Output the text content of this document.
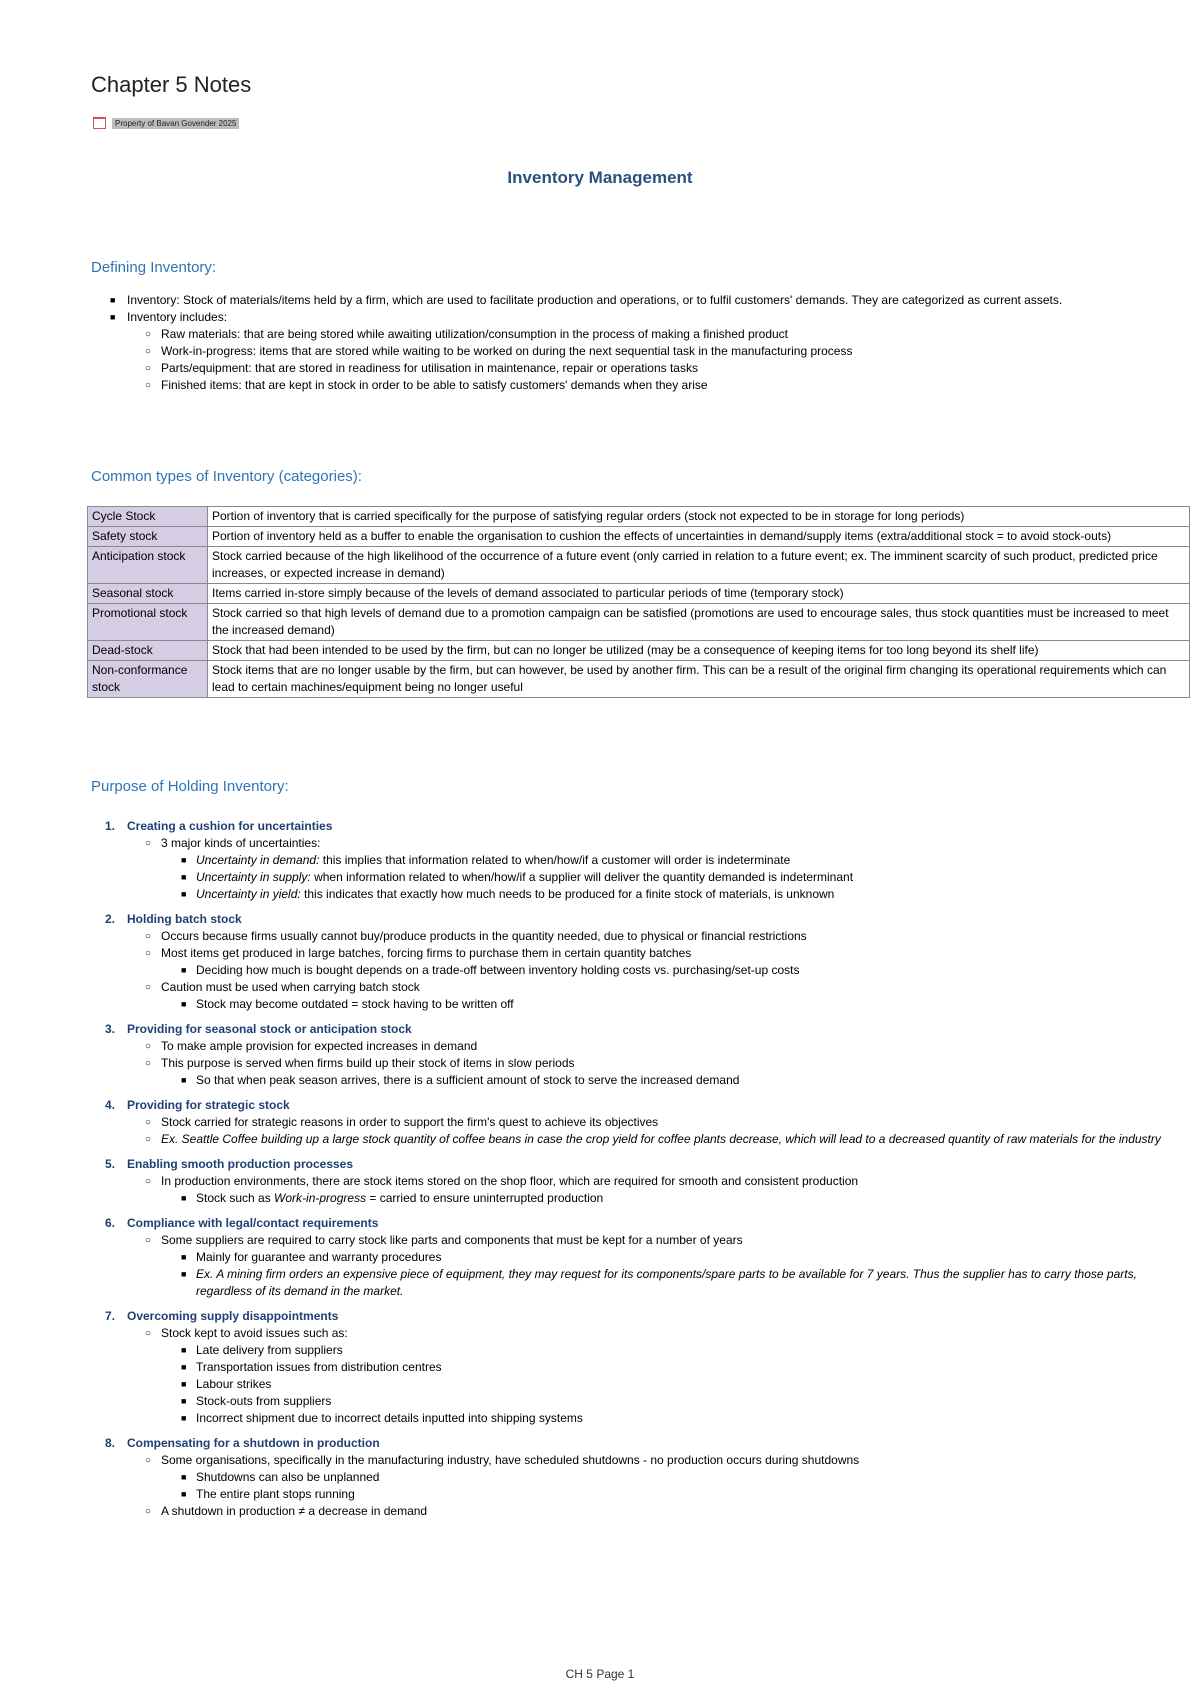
Chapter 5 Notes
Property of Bavan Govender 2025
Inventory Management
Defining Inventory:
■ Inventory: Stock of materials/items held by a firm, which are used to facilitate production and operations, or to fulfil customers' demands. They are categorized as current assets.
■ Inventory includes:
○ Raw materials: that are being stored while awaiting utilization/consumption in the process of making a finished product
○ Work-in-progress: items that are stored while waiting to be worked on during the next sequential task in the manufacturing process
○ Parts/equipment: that are stored in readiness for utilisation in maintenance, repair or operations tasks
○ Finished items: that are kept in stock in order to be able to satisfy customers' demands when they arise
Common types of Inventory (categories):
Cycle Stock	Portion of inventory that is carried specifically for the purpose of satisfying regular orders (stock not expected to be in storage for long periods)
Safety stock	Portion of inventory held as a buffer to enable the organisation to cushion the effects of uncertainties in demand/supply items (extra/additional stock = to avoid stock-outs)
Anticipation stock	Stock carried because of the high likelihood of the occurrence of a future event (only carried in relation to a future event; ex. The imminent scarcity of such product, predicted price increases, or expected increase in demand)
Seasonal stock	Items carried in-store simply because of the levels of demand associated to particular periods of time (temporary stock)
Promotional stock	Stock carried so that high levels of demand due to a promotion campaign can be satisfied (promotions are used to encourage sales, thus stock quantities must be increased to meet the increased demand)
Dead-stock	Stock that had been intended to be used by the firm, but can no longer be utilized (may be a consequence of keeping items for too long beyond its shelf life)
Non-conformance stock	Stock items that are no longer usable by the firm, but can however, be used by another firm. This can be a result of the original firm changing its operational requirements which can lead to certain machines/equipment being no longer useful
Purpose of Holding Inventory:
1. Creating a cushion for uncertainties
○ 3 major kinds of uncertainties:
■ Uncertainty in demand: this implies that information related to when/how/if a customer will order is indeterminate
■ Uncertainty in supply: when information related to when/how/if a supplier will deliver the quantity demanded is indeterminant
■ Uncertainty in yield: this indicates that exactly how much needs to be produced for a finite stock of materials, is unknown
2. Holding batch stock
○ Occurs because firms usually cannot buy/produce products in the quantity needed, due to physical or financial restrictions
○ Most items get produced in large batches, forcing firms to purchase them in certain quantity batches
■ Deciding how much is bought depends on a trade-off between inventory holding costs vs. purchasing/set-up costs
○ Caution must be used when carrying batch stock
■ Stock may become outdated = stock having to be written off
3. Providing for seasonal stock or anticipation stock
○ To make ample provision for expected increases in demand
○ This purpose is served when firms build up their stock of items in slow periods
■ So that when peak season arrives, there is a sufficient amount of stock to serve the increased demand
4. Providing for strategic stock
○ Stock carried for strategic reasons in order to support the firm's quest to achieve its objectives
○ Ex. Seattle Coffee building up a large stock quantity of coffee beans in case the crop yield for coffee plants decrease, which will lead to a decreased quantity of raw materials for the industry
5. Enabling smooth production processes
○ In production environments, there are stock items stored on the shop floor, which are required for smooth and consistent production
■ Stock such as Work-in-progress = carried to ensure uninterrupted production
6. Compliance with legal/contact requirements
○ Some suppliers are required to carry stock like parts and components that must be kept for a number of years
■ Mainly for guarantee and warranty procedures
■ Ex. A mining firm orders an expensive piece of equipment, they may request for its components/spare parts to be available for 7 years. Thus the supplier has to carry those parts, regardless of its demand in the market.
7. Overcoming supply disappointments
○ Stock kept to avoid issues such as:
■ Late delivery from suppliers
■ Transportation issues from distribution centres
■ Labour strikes
■ Stock-outs from suppliers
■ Incorrect shipment due to incorrect details inputted into shipping systems
8. Compensating for a shutdown in production
○ Some organisations, specifically in the manufacturing industry, have scheduled shutdowns - no production occurs during shutdowns
■ Shutdowns can also be unplanned
■ The entire plant stops running
○ A shutdown in production ≠ a decrease in demand
CH 5 Page 1
